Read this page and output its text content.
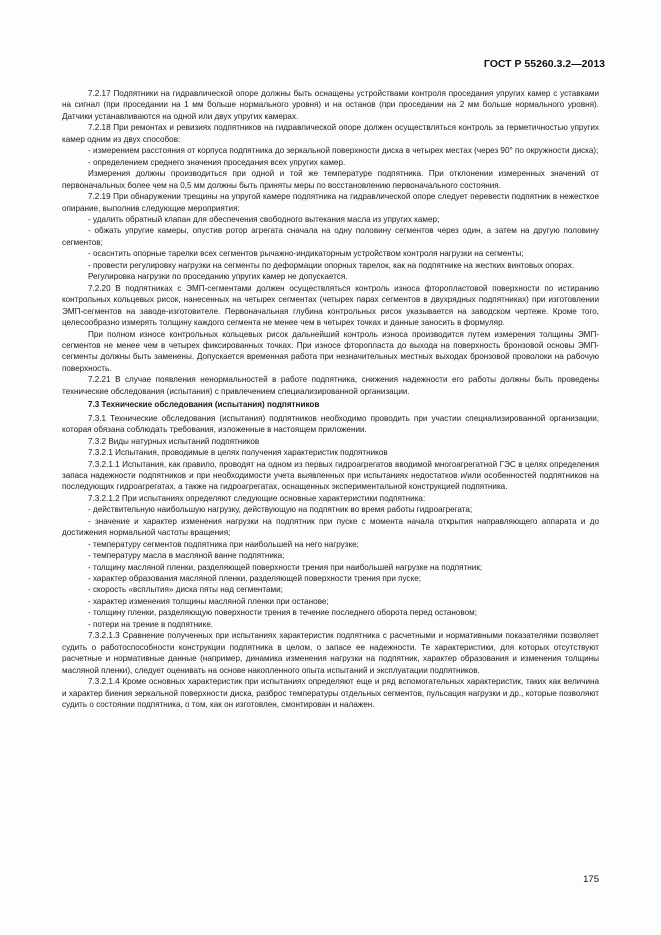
ГОСТ Р 55260.3.2—2013

7.2.17 Подпятники на гидравлической опоре должны быть оснащены устройствами контроля проседания упругих камер с уставками на сигнал (при проседании на 1 мм больше нормального уровня) и на останов (при проседании на 2 мм больше нормального уровня). Датчики устанавливаются на одной или двух упругих камерах.

7.2.18 При ремонтах и ревизиях подпятников на гидравлической опоре должен осуществляться контроль за герметичностью упругих камер одним из двух способов:

- измерением расстояния от корпуса подпятника до зеркальной поверхности диска в четырех местах (через 90° по окружности диска);

- определением среднего значения проседания всех упругих камер.

Измерения должны производиться при одной и той же температуре подпятника. При отклонении измеренных значений от первоначальных более чем на 0,5 мм должны быть приняты меры по восстановлению первоначального состояния.

7.2.19 При обнаружении трещины на упругой камере подпятника на гидравлической опоре следует перевести подпятник в нежесткое опирание, выполнив следующие мероприятия:

- удалить обратный клапан для обеспечения свободного вытекания масла из упругих камер;

- обжать упругие камеры, опустив ротор агрегата сначала на одну половину сегментов через один, а затем на другую половину сегментов;

- осаснтить опорные тарелки всех сегментов рычажно-индикаторным устройством контроля нагрузки на сегменты;

- провести регулировку нагрузки на сегменты по деформации опорных тарелок, как на подпятнике на жестких винтовых опорах.

Регулировка нагрузки по проседанию упругих камер не допускается.

7.2.20 В подпятниках с ЭМП-сегментами должен осуществляться контроль износа фторопластовой поверхности по истиранию контрольных кольцевых рисок, нанесенных на четырех сегментах (четырех парах сегментов в двухрядных подпятниках) при изготовлении ЭМП-сегментов на заводе-изготовителе. Первоначальная глубина контрольных рисок указывается на заводском чертеже. Кроме того, целесообразно измерять толщину каждого сегмента не менее чем в четырех точках и данные заносить в формуляр.

При полном износе контрольных кольцевых рисок дальнейший контроль износа производится путем измерения толщины ЭМП-сегментов не менее чем в четырех фиксированных точках. При износе фторопласта до выхода на поверхность бронзовой основы ЭМП-сегменты должны быть заменены. Допускается временная работа при незначительных местных выходах бронзовой проволоки на рабочую поверхность.

7.2.21 В случае появления ненормальностей в работе подпятника, снижения надежности его работы должны быть проведены технические обследования (испытания) с привлечением специализированной организации.

7.3 Технические обследования (испытания) подпятников

7.3.1 Технические обследования (испытания) подпятников необходимо проводить при участии специализированной организации, которая обязана соблюдать требования, изложенные в настоящем приложении.

7.3.2 Виды натурных испытаний подпятников

7.3.2.1 Испытания, проводимые в целях получения характеристик подпятников

7.3.2.1.1 Испытания, как правило, проводят на одном из первых гидроагрегатов вводимой многоагрегатной ГЭС в целях определения запаса надежности подпятников и при необходимости учета выявленных при испытаниях недостатков и/или особенностей подпятников на последующих гидроагрегатах, а также на гидроагрегатах, оснащенных экспериментальной конструкцией подпятника.

7.3.2.1.2 При испытаниях определяют следующие основные характеристики подпятника:

- действительную наибольшую нагрузку, действующую на подпятник во время работы гидроагрегата;

- значение и характер изменения нагрузки на подпятник при пуске с момента начала открытия направляющего аппарата и до достижения нормальной частоты вращения;

- температуру сегментов подпятника при наибольшей на него нагрузке;

- температуру масла в масляной ванне подпятника;

- толщину масляной пленки, разделяющей поверхности трения при наибольшей нагрузке на подпятник;

- характер образования масляной пленки, разделяющей поверхности трения при пуске;

- скорость «всплытия» диска пяты над сегментами;

- характер изменения толщины масляной пленки при останове;

- толщину пленки, разделяющую поверхности трения в течение последнего оборота перед остановом;

- потери на трение в подпятнике.

7.3.2.1.3 Сравнение полученных при испытаниях характеристик подпятника с расчетными и нормативными показателями позволяет судить о работоспособности конструкции подпятника в целом, о запасе ее надежности. Те характеристики, для которых отсутствуют расчетные и нормативные данные (например, динамика изменения нагрузки на подпятник, характер образования и изменения толщины масляной пленки), следует оценивать на основе накопленного опыта испытаний и эксплуатации подпятников.

7.3.2.1.4 Кроме основных характеристик при испытаниях определяют еще и ряд вспомогательных характеристик, таких как величина и характер биения зеркальной поверхности диска, разброс температуры отдельных сегментов, пульсация нагрузки и др., которые позволяют судить о состоянии подпятника, о том, как он изготовлен, смонтирован и налажен.

175
